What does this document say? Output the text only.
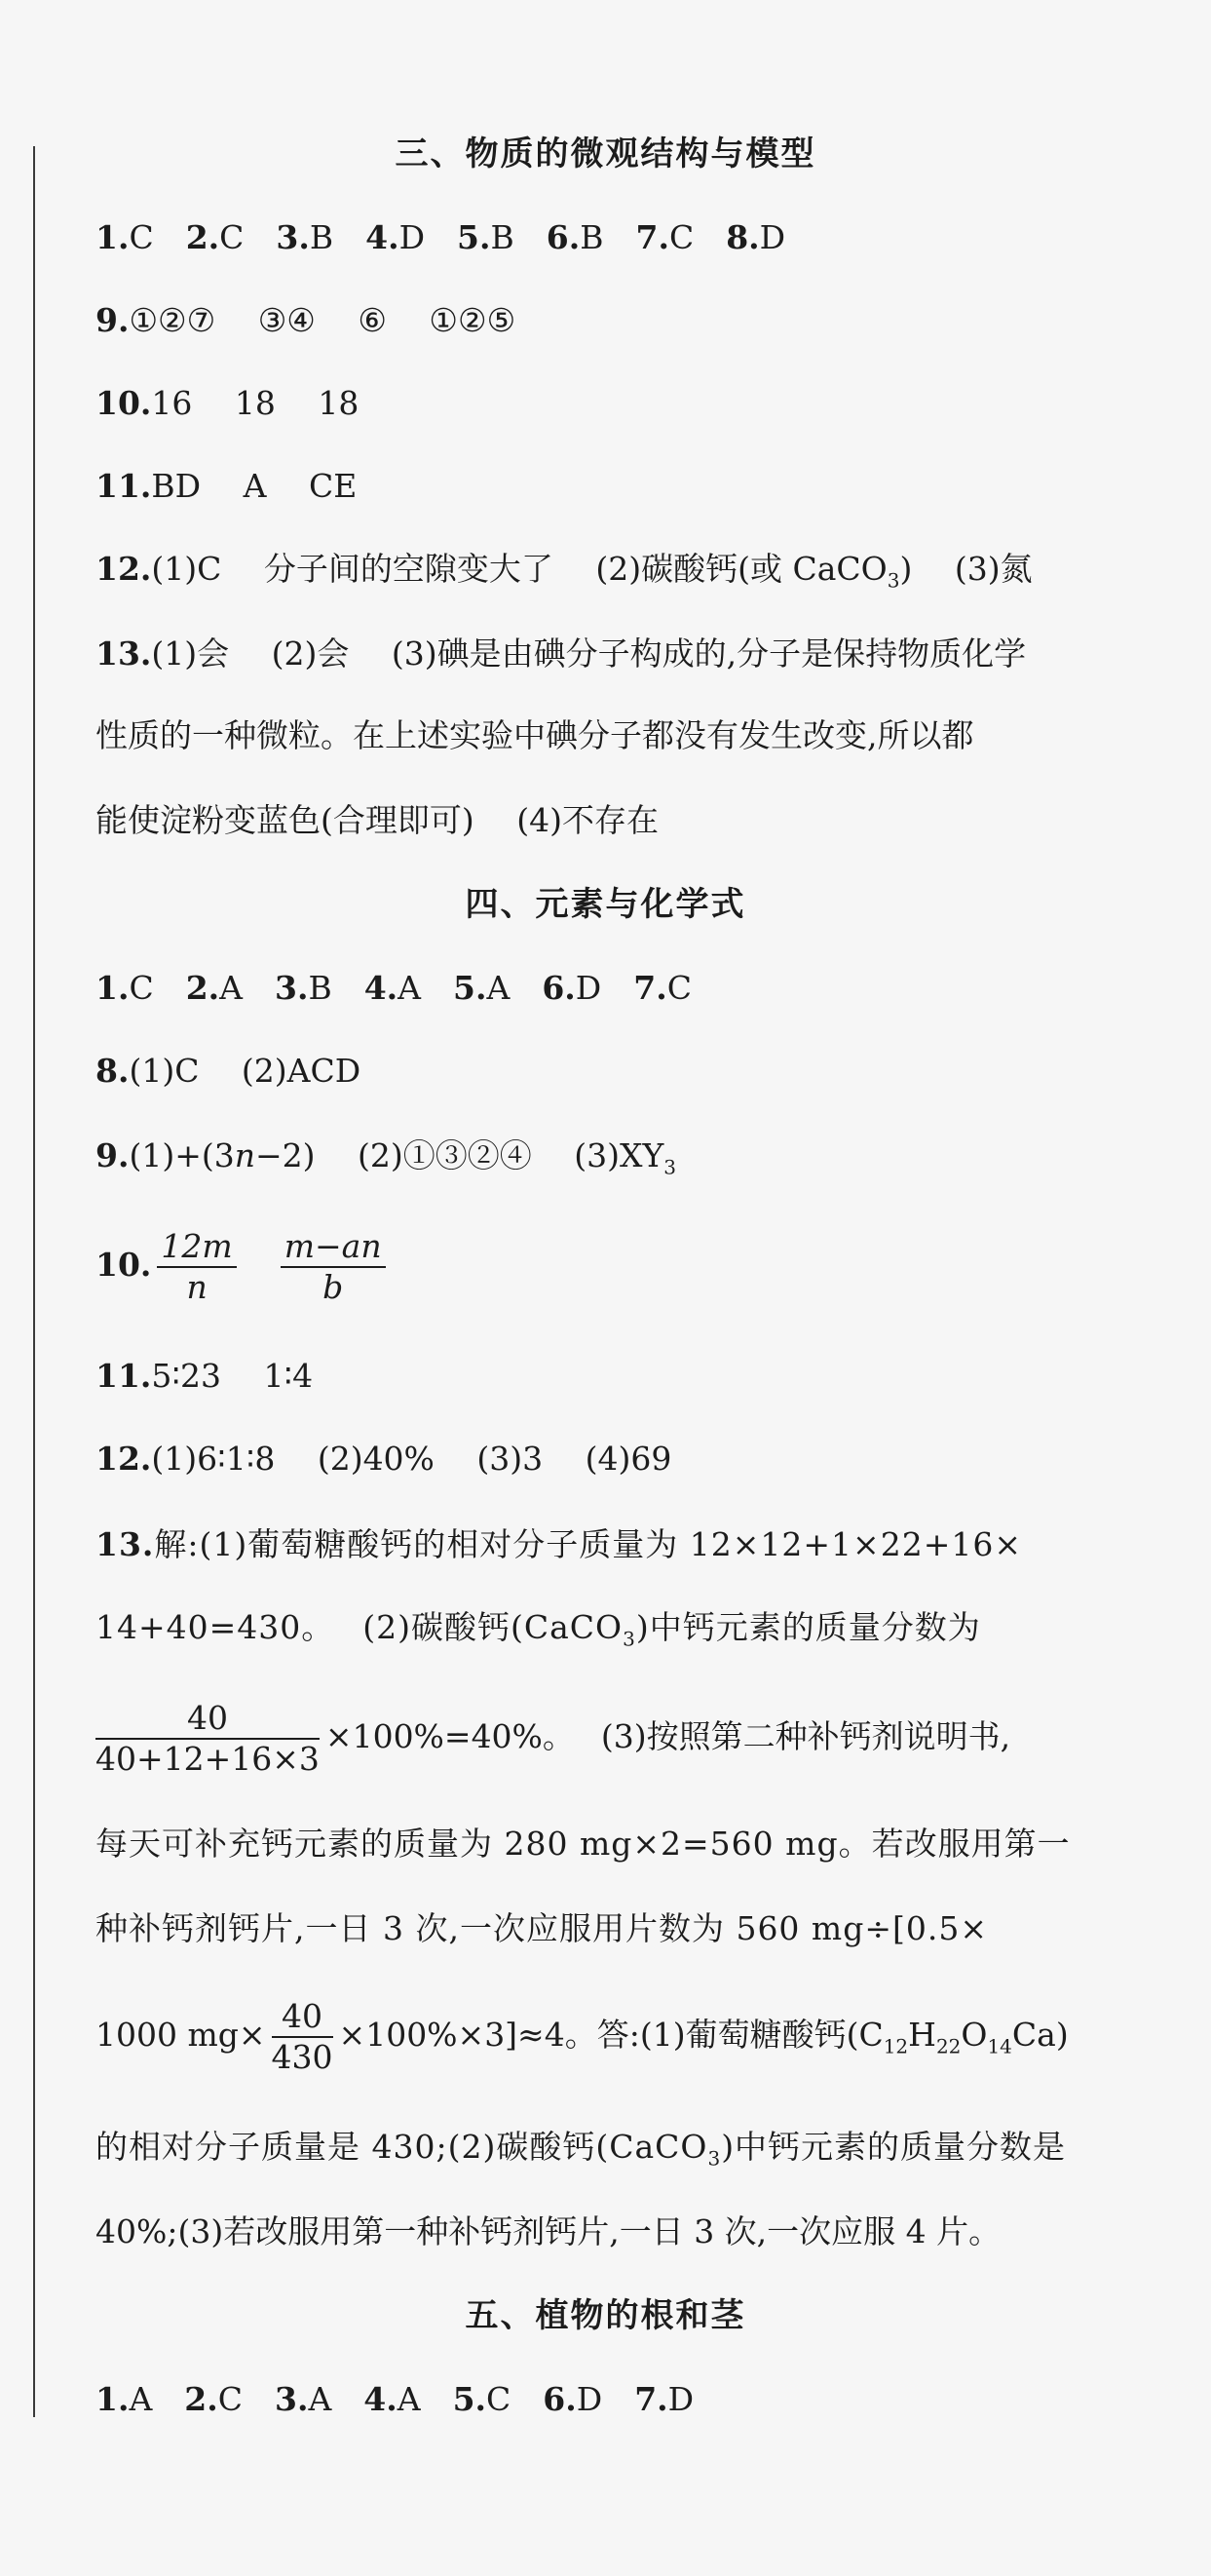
三、物质的微观结构与模型
1.C　 2.C　 3.B　 4.D　 5.B　 6.B　 7.C　 8.D
9.①②⑦　 ③④　 ⑥　 ①②⑤
10.16　 18　 18
11.BD　 A　 CE
12.(1)C　 分子间的空隙变大了　 (2)碳酸钙(或 CaCO$_3$)　 (3)氮
13.(1)会　 (2)会　 (3)碘是由碘分子构成的,分子是保持物质化学
性质的一种微粒。在上述实验中碘分子都没有发生改变,所以都
能使淀粉变蓝色(合理即可)　 (4)不存在
四、元素与化学式
1.C　 2.A　 3.B　 4.A　 5.A　 6.D　 7.C
8.(1)C　 (2)ACD
9.(1)+(3n−2)　 (2)①③②④　 $(3)XY_3$
10. $\frac{12m}{n}$
　 $\frac{m-an}{b}$
11.5∶23　 1∶4
12.(1)6∶1∶8　 (2)40%　 (3)3　 (4)69
13.解:(1)葡萄糖酸钙的相对分子质量为 12×12+1×22+16×
14+40=430。　 (2)碳酸钙(CaCO$_3$)中钙元素的质量分数为
$\frac{40}{40+12+16\times 3} \times 100\%=40\%$。　 (3)按照第二种补钙剂说明书,
每天可补充钙元素的质量为 280 mg×2=560 mg。若改服用第一
种补钙剂钙片,一日 3 次,一次应服用片数为 560 mg÷[0.5×
1000 $mg\times \frac{40}{430} \times 100\%\times 3]\approx 4$。答:(1)葡萄糖酸钙$(C_{12}H_{22}O_{14}Ca)$
的相对分子质量是 430;(2)碳酸钙(CaCO$_3$)中钙元素的质量分数是
40%;(3)若改服用第一种补钙剂钙片,一日 3 次,一次应服 4 片。
五、植物的根和茎
1.A　 2.C　 3.A　 4.A　 5.C　 6.D　 7.D
